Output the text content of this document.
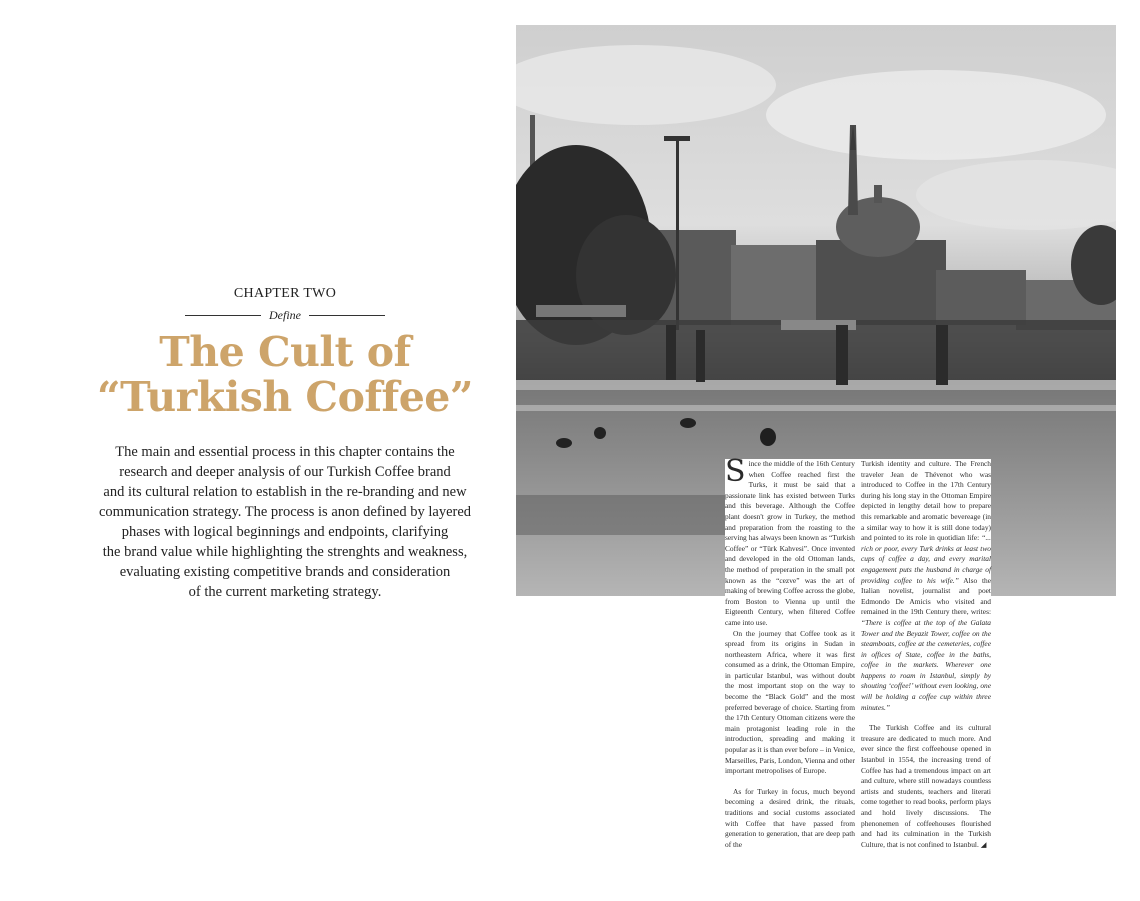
CHAPTER TWO
Define
The Cult of
“Turkish Coffee”
The main and essential process in this chapter contains the
research and deeper analysis of our Turkish Coffee brand
and its cultural relation to establish in the re-branding and new
communication strategy. The process is anon defined by layered
phases with logical beginnings and endpoints, clarifying
the brand value while highlighting the strenghts and weakness,
evaluating existing competitive brands and consideration
of the current marketing strategy.

Since the middle of the 16th Century when Coffee reached first the Turks, it must be said that a passionate link has existed between Turks and this beverage. Although the Coffee plant doesn't grow in Turkey, the method and preparation from the roasting to the serving has always been known as “Turkish Coffee” or “Türk Kahvesi”. Once invented and developed in the old Ottoman lands, the method of preperation in the small pot known as the “cezve” was the art of making of brewing Coffee across the globe, from Boston to Vienna up until the Eigteenth Century, when filtered Coffee came into use.

On the journey that Coffee took as it spread from its origins in Sudan in northeastern Africa, where it was first consumed as a drink, the Ottoman Empire, in particular Istanbul, was without doubt the most important stop on the way to become the “Black Gold” and the most preferred beverage of choice. Starting from the 17th Century Ottoman citizens were the main protagonist leading role in the introduction, spreading and making it popular as it is than ever before – in Venice, Marseilles, Paris, London, Vienna and other important metropolises of Europe.

As for Turkey in focus, much beyond becoming a desired drink, the rituals, traditions and social customs associated with Coffee that have passed from generation to generation, that are deep path of the

Turkish identity and culture. The French traveler Jean de Thévenot who was introduced to Coffee in the 17th Century during his long stay in the Ottoman Empire depicted in lengthy detail how to prepare this remarkable and aromatic bevereage (in a similar way to how it is still done today) and pointed to its role in quotidian life: “... rich or poor, every Turk drinks at least two cups of coffee a day, and every marital engagement puts the husband in charge of providing coffee to his wife.” Also the Italian novelist, journalist and poet Edmondo De Amicis who visited and remained in the 19th Century there, writes: “There is coffee at the top of the Galata Tower and the Beyazit Tower, coffee on the steamboats, coffee at the cemeteries, coffee in offices of State, coffee in the baths, coffee in the markets. Wherever one happens to roam in Istanbul, simply by shouting ‘coffee!’ without even looking, one will be holding a coffee cup within three minutes.”

The Turkish Coffee and its cultural treasure are dedicated to much more. And ever since the first coffeehouse opened in Istanbul in 1554, the increasing trend of Coffee has had a tremendous impact on art and culture, where still nowadays countless artists and students, teachers and literati come together to read books, perform plays and hold lively discussions. The phenonemen of coffeehouses flourished and had its culmination in the Turkish Culture, that is not confined to Istanbul. ◢
